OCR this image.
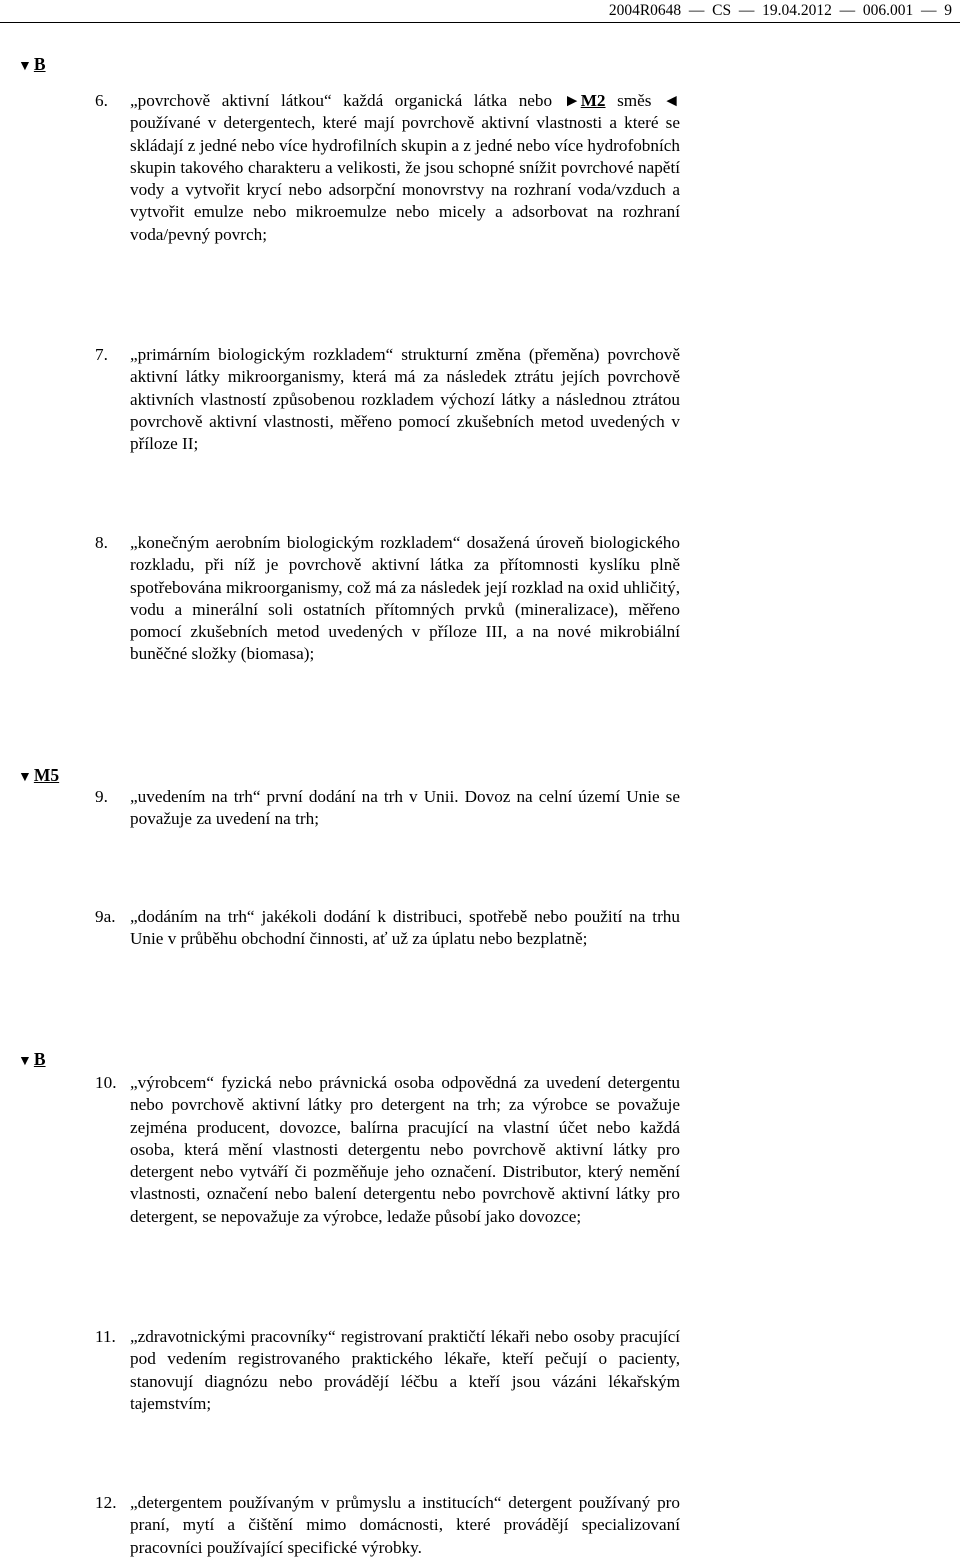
2004R0648  —  CS  —  19.04.2012  —  006.001  —  9
▼ B
6.	„povrchově aktivní látkou“ každá organická látka nebo ►M2 směs ◄ používané v detergentech, které mají povrchově aktivní vlastnosti a které se skládají z jedné nebo více hydrofilních skupin a z jedné nebo více hydrofobních skupin takového charakteru a velikosti, že jsou schopné snížit povrchové napětí vody a vytvořit krycí nebo adsorpční monovrstvy na rozhraní voda/vzduch a vytvořit emulze nebo mikroemulze nebo micely a adsorbovat na rozhraní voda/pevný povrch;
7.	„primárním biologickým rozkladem“ strukturní změna (přeměna) povrchově aktivní látky mikroorganismy, která má za následek ztrátu jejích povrchově aktivních vlastností způsobenou rozkladem výchozí látky a následnou ztrátou povrchově aktivní vlastnosti, měřeno pomocí zkušebních metod uvedených v příloze II;
8.	„konečným aerobním biologickým rozkladem“ dosažená úroveň biologického rozkladu, při níž je povrchově aktivní látka za přítomnosti kyslíku plně spotřebována mikroorganismy, což má za následek její rozklad na oxid uhličitý, vodu a minerální soli ostatních přítomných prvků (mineralizace), měřeno pomocí zkušebních metod uvedených v příloze III, a na nové mikrobiální buněčné složky (biomasa);
▼ M5
9.	„uvedením na trh“ první dodání na trh v Unii. Dovoz na celní území Unie se považuje za uvedení na trh;
9a. „dodáním na trh“ jakékoli dodání k distribuci, spotřebě nebo použití na trhu Unie v průběhu obchodní činnosti, ať už za úplatu nebo bezplatně;
▼ B
10. „výrobcem“ fyzická nebo právnická osoba odpovědná za uvedení detergentu nebo povrchově aktivní látky pro detergent na trh; za výrobce se považuje zejména producent, dovozce, balírna pracující na vlastní účet nebo každá osoba, která mění vlastnosti detergentu nebo povrchově aktivní látky pro detergent nebo vytváří či pozměňuje jeho označení. Distributor, který nemění vlastnosti, označení nebo balení detergentu nebo povrchově aktivní látky pro detergent, se nepovažuje za výrobce, ledaže působí jako dovozce;
11. „zdravotnickými pracovníky“ registrovaní praktičtí lékaři nebo osoby pracující pod vedením registrovaného praktického lékaře, kteří pečují o pacienty, stanovují diagnózu nebo provádějí léčbu a kteří jsou vázáni lékařským tajemstvím;
12. „detergentem používaným v průmyslu a institucích“ detergent používaný pro praní, mytí a čištění mimo domácnosti, které provádějí specializovaní pracovníci používající specifické výrobky.
